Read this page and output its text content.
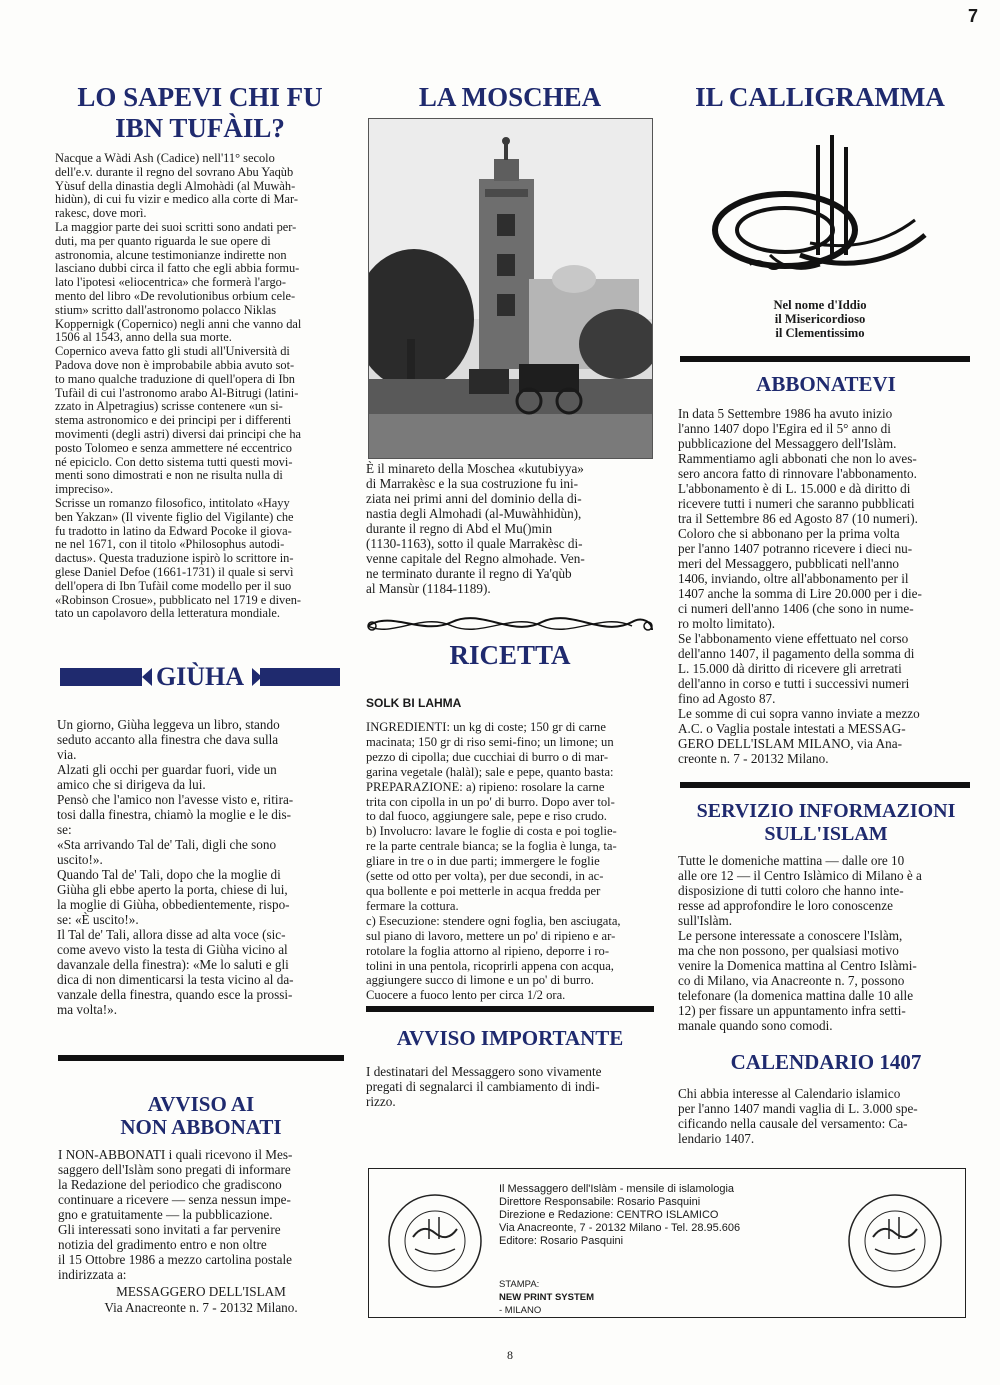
7
LO SAPEVI CHI FU
IBN TUFÀIL?
Nacque a Wàdi Ash (Cadice) nell'11° secolo
dell'e.v. durante il regno del sovrano Abu Yaqùb
Yùsuf della dinastia degli Almohàdi (al Muwàh-
hidùn), di cui fu vizir e medico alla corte di Mar-
rakesc, dove morì.
La maggior parte dei suoi scritti sono andati per-
duti, ma per quanto riguarda le sue opere di
astronomia, alcune testimonianze indirette non
lasciano dubbi circa il fatto che egli abbia formu-
lato l'ipotesi «eliocentrica» che formerà l'argo-
mento del libro «De revolutionibus orbium cele-
stium» scritto dall'astronomo polacco Niklas
Koppernigk (Copernico) negli anni che vanno dal
1506 al 1543, anno della sua morte.
Copernico aveva fatto gli studi all'Università di
Padova dove non è improbabile abbia avuto sot-
to mano qualche traduzione di quell'opera di Ibn
Tufàil di cui l'astronomo arabo Al-Bitrugi (latini-
zzato in Alpetragius) scrisse contenere «un si-
stema astronomico e dei principi per i differenti
movimenti (degli astri) diversi dai principi che ha
posto Tolomeo e senza ammettere né eccentrico
né epiciclo. Con detto sistema tutti questi movi-
menti sono dimostrati e non ne risulta nulla di
impreciso».
Scrisse un romanzo filosofico, intitolato «Hayy
ben Yakzan» (Il vivente figlio del Vigilante) che
fu tradotto in latino da Edward Pocoke il giova-
ne nel 1671, con il titolo «Philosophus autodi-
dactus». Questa traduzione ispirò lo scrittore in-
glese Daniel Defoe (1661-1731) il quale si servì
dell'opera di Ibn Tufàil come modello per il suo
«Robinson Crosue», pubblicato nel 1719 e diven-
tato un capolavoro della letteratura mondiale.
GIÙHA
Un giorno, Giùha leggeva un libro, stando
seduto accanto alla finestra che dava sulla
via.
Alzati gli occhi per guardar fuori, vide un
amico che si dirigeva da lui.
Pensò che l'amico non l'avesse visto e, ritira-
tosi dalla finestra, chiamò la moglie e le dis-
se:
«Sta arrivando Tal de' Tali, digli che sono
uscito!».
Quando Tal de' Tali, dopo che la moglie di
Giùha gli ebbe aperto la porta, chiese di lui,
la moglie di Giùha, obbedientemente, rispo-
se: «È uscito!».
Il Tal de' Tali, allora disse ad alta voce (sic-
come avevo visto la testa di Giùha vicino al
davanzale della finestra): «Me lo saluti e gli
dica di non dimenticarsi la testa vicino al da-
vanzale della finestra, quando esce la prossi-
ma volta!».
AVVISO AI
NON ABBONATI
I NON-ABBONATI i quali ricevono il Mes-
saggero dell'Islàm sono pregati di informare
la Redazione del periodico che gradiscono
continuare a ricevere — senza nessun impe-
gno e gratuitamente — la pubblicazione.
Gli interessati sono invitati a far pervenire
notizia del gradimento entro e non oltre
il 15 Ottobre 1986 a mezzo cartolina postale
indirizzata a:
MESSAGGERO DELL'ISLAM
Via Anacreonte n. 7 - 20132 Milano.
LA MOSCHEA
È il minareto della Moschea «kutubiyya»
di Marrakèsc e la sua costruzione fu ini-
ziata nei primi anni del dominio della di-
nastia degli Almohadi (al-Muwàhhidùn),
durante il regno di Abd el Mu()min
(1130-1163), sotto il quale Marrakèsc di-
venne capitale del Regno almohade. Ven-
ne terminato durante il regno di Ya'qùb
al Mansùr (1184-1189).
RICETTA
SOLK BI LAHMA
INGREDIENTI: un kg di coste; 150 gr di carne
macinata; 150 gr di riso semi-fino; un limone; un
pezzo di cipolla; due cucchiai di burro o di mar-
garina vegetale (halàl); sale e pepe, quanto basta:
PREPARAZIONE: a) ripieno: rosolare la carne
trita con cipolla in un po' di burro. Dopo aver tol-
to dal fuoco, aggiungere sale, pepe e riso crudo.
b) Involucro: lavare le foglie di costa e poi toglie-
re la parte centrale bianca; se la foglia è lunga, ta-
gliare in tre o in due parti; immergere le foglie
(sette od otto per volta), per due secondi, in ac-
qua bollente e poi metterle in acqua fredda per
fermare la cottura.
c) Esecuzione: stendere ogni foglia, ben asciugata,
sul piano di lavoro, mettere un po' di ripieno e ar-
rotolare la foglia attorno al ripieno, deporre i ro-
tolini in una pentola, ricoprirli appena con acqua,
aggiungere succo di limone e un po' di burro.
Cuocere a fuoco lento per circa 1/2 ora.
AVVISO IMPORTANTE
I destinatari del Messaggero sono vivamente
pregati di segnalarci il cambiamento di indi-
rizzo.
IL CALLIGRAMMA
Nel nome d'Iddio
il Misericordioso
il Clementissimo
ABBONATEVI
In data 5 Settembre 1986 ha avuto inizio
l'anno 1407 dopo l'Egira ed il 5° anno di
pubblicazione del Messaggero dell'Islàm.
Rammentiamo agli abbonati che non lo aves-
sero ancora fatto di rinnovare l'abbonamento.
L'abbonamento è di L. 15.000 e dà diritto di
ricevere tutti i numeri che saranno pubblicati
tra il Settembre 86 ed Agosto 87 (10 numeri).
Coloro che si abbonano per la prima volta
per l'anno 1407 potranno ricevere i dieci nu-
meri del Messaggero, pubblicati nell'anno
1406, inviando, oltre all'abbonamento per il
1407 anche la somma di Lire 20.000 per i die-
ci numeri dell'anno 1406 (che sono in nume-
ro molto limitato).
Se l'abbonamento viene effettuato nel corso
dell'anno 1407, il pagamento della somma di
L. 15.000 dà diritto di ricevere gli arretrati
dell'anno in corso e tutti i successivi numeri
fino ad Agosto 87.
Le somme di cui sopra vanno inviate a mezzo
A.C. o Vaglia postale intestati a MESSAG-
GERO DELL'ISLAM MILANO, via Ana-
creonte n. 7 - 20132 Milano.
SERVIZIO INFORMAZIONI
SULL'ISLAM
Tutte le domeniche mattina — dalle ore 10
alle ore 12 — il Centro Islàmico di Milano è a
disposizione di tutti coloro che hanno inte-
resse ad approfondire le loro conoscenze
sull'Islàm.
Le persone interessate a conoscere l'Islàm,
ma che non possono, per qualsiasi motivo
venire la Domenica mattina al Centro Islàmi-
co di Milano, via Anacreonte n. 7, possono
telefonare (la domenica mattina dalle 10 alle
12) per fissare un appuntamento infra setti-
manale quando sono comodi.
CALENDARIO 1407
Chi abbia interesse al Calendario islamico
per l'anno 1407 mandi vaglia di L. 3.000 spe-
cificando nella causale del versamento: Ca-
lendario 1407.
Il Messaggero dell'Islàm - mensile di islamologia
Direttore Responsabile: Rosario Pasquini
Direzione e Redazione: CENTRO ISLAMICO
Via Anacreonte, 7 - 20132 Milano - Tel. 28.95.606
Editore: Rosario Pasquini

STAMPA:
NEW PRINT SYSTEM
- MILANO

8
